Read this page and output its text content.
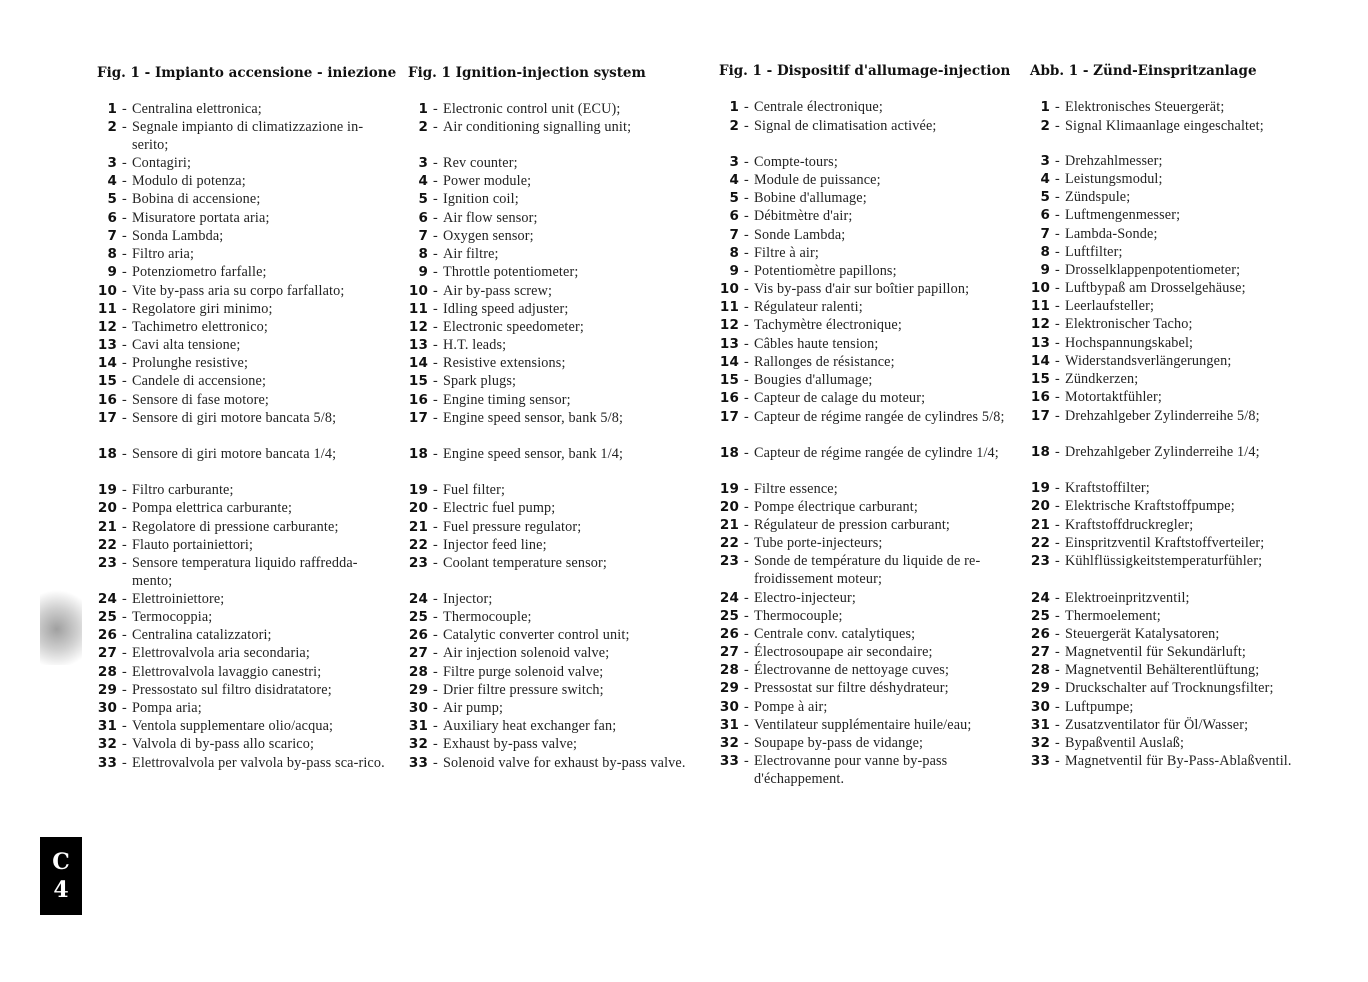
Fig. 1 - Impianto accensione - iniezione
1 - Centralina elettronica;
2 - Segnale impianto di climatizzazione in-serito;
3 - Contagiri;
4 - Modulo di potenza;
5 - Bobina di accensione;
6 - Misuratore portata aria;
7 - Sonda Lambda;
8 - Filtro aria;
9 - Potenziometro farfalle;
10 - Vite by-pass aria su corpo farfallato;
11 - Regolatore giri minimo;
12 - Tachimetro elettronico;
13 - Cavi alta tensione;
14 - Prolunghe resistive;
15 - Candele di accensione;
16 - Sensore di fase motore;
17 - Sensore di giri motore bancata 5/8;
18 - Sensore di giri motore bancata 1/4;
19 - Filtro carburante;
20 - Pompa elettrica carburante;
21 - Regolatore di pressione carburante;
22 - Flauto portainiettori;
23 - Sensore temperatura liquido raffredda-mento;
24 - Elettroiniettore;
25 - Termocoppia;
26 - Centralina catalizzatori;
27 - Elettrovalvola aria secondaria;
28 - Elettrovalvola lavaggio canestri;
29 - Pressostato sul filtro disidratatore;
30 - Pompa aria;
31 - Ventola supplementare olio/acqua;
32 - Valvola di by-pass allo scarico;
33 - Elettrovalvola per valvola by-pass sca-rico.
Fig. 1 Ignition-injection system
1 - Electronic control unit (ECU);
2 - Air conditioning signalling unit;
3 - Rev counter;
4 - Power module;
5 - Ignition coil;
6 - Air flow sensor;
7 - Oxygen sensor;
8 - Air filtre;
9 - Throttle potentiometer;
10 - Air by-pass screw;
11 - Idling speed adjuster;
12 - Electronic speedometer;
13 - H.T. leads;
14 - Resistive extensions;
15 - Spark plugs;
16 - Engine timing sensor;
17 - Engine speed sensor, bank 5/8;
18 - Engine speed sensor, bank 1/4;
19 - Fuel filter;
20 - Electric fuel pump;
21 - Fuel pressure regulator;
22 - Injector feed line;
23 - Coolant temperature sensor;
24 - Injector;
25 - Thermocouple;
26 - Catalytic converter control unit;
27 - Air injection solenoid valve;
28 - Filtre purge solenoid valve;
29 - Drier filtre pressure switch;
30 - Air pump;
31 - Auxiliary heat exchanger fan;
32 - Exhaust by-pass valve;
33 - Solenoid valve for exhaust by-pass valve.
Fig. 1 - Dispositif d'allumage-injection
1 - Centrale électronique;
2 - Signal de climatisation activée;
3 - Compte-tours;
4 - Module de puissance;
5 - Bobine d'allumage;
6 - Débitmètre d'air;
7 - Sonde Lambda;
8 - Filtre à air;
9 - Potentiomètre papillons;
10 - Vis by-pass d'air sur boîtier papillon;
11 - Régulateur ralenti;
12 - Tachymètre électronique;
13 - Câbles haute tension;
14 - Rallonges de résistance;
15 - Bougies d'allumage;
16 - Capteur de calage du moteur;
17 - Capteur de régime rangée de cylindres 5/8;
18 - Capteur de régime rangée de cylindre 1/4;
19 - Filtre essence;
20 - Pompe électrique carburant;
21 - Régulateur de pression carburant;
22 - Tube porte-injecteurs;
23 - Sonde de température du liquide de re-froidissement moteur;
24 - Electro-injecteur;
25 - Thermocouple;
26 - Centrale conv. catalytiques;
27 - Électrosoupape air secondaire;
28 - Électrovanne de nettoyage cuves;
29 - Pressostat sur filtre déshydrateur;
30 - Pompe à air;
31 - Ventilateur supplémentaire huile/eau;
32 - Soupape by-pass de vidange;
33 - Electrovanne pour vanne by-pass d'échappement.
Abb. 1 - Zünd-Einspritzanlage
1 - Elektronisches Steuergerät;
2 - Signal Klimaanlage eingeschaltet;
3 - Drehzahlmesser;
4 - Leistungsmodul;
5 - Zündspule;
6 - Luftmengenmesser;
7 - Lambda-Sonde;
8 - Luftfilter;
9 - Drosselklappenpotentiometer;
10 - Luftbypaß am Drosselgehäuse;
11 - Leerlaufsteller;
12 - Elektronischer Tacho;
13 - Hochspannungskabel;
14 - Widerstandsverlängerungen;
15 - Zündkerzen;
16 - Motortaktfühler;
17 - Drehzahlgeber Zylinderreihe 5/8;
18 - Drehzahlgeber Zylinderreihe 1/4;
19 - Kraftstoffilter;
20 - Elektrische Kraftstoffpumpe;
21 - Kraftstoffdruckregler;
22 - Einspritzventil Kraftstoffverteiler;
23 - Kühlflüssigkeitstemperaturfühler;
24 - Elektroeinpritzventil;
25 - Thermoelement;
26 - Steuergerät Katalysatoren;
27 - Magnetventil für Sekundärluft;
28 - Magnetventil Behälterentlüftung;
29 - Druckschalter auf Trocknungsfilter;
30 - Luftpumpe;
31 - Zusatzventilator für Öl/Wasser;
32 - Bypaßventil Auslaß;
33 - Magnetventil für By-Pass-Ablaßventil.
C
4
